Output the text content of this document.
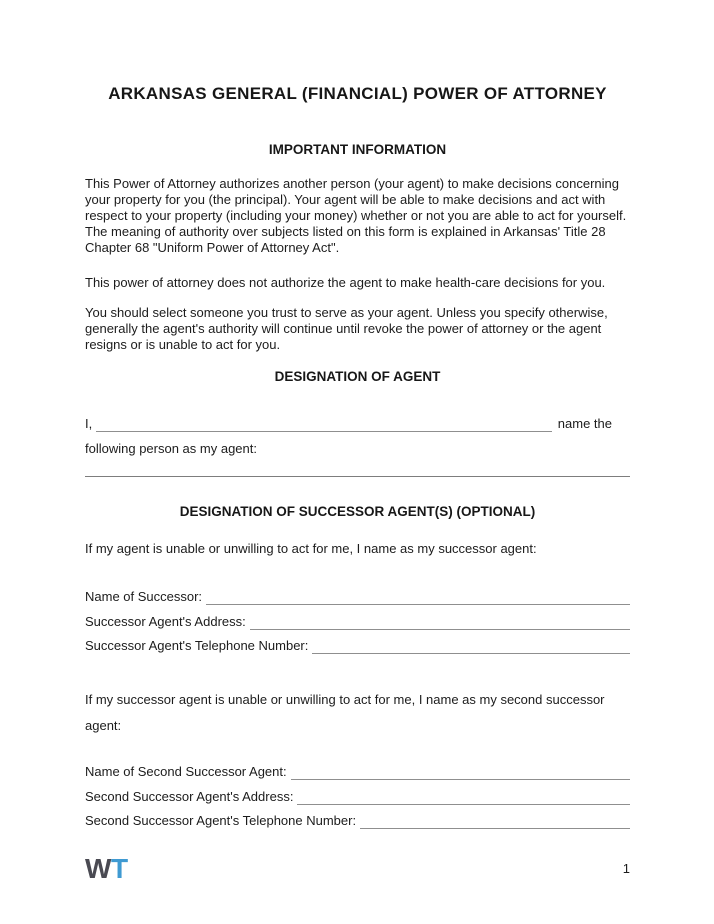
ARKANSAS GENERAL (FINANCIAL) POWER OF ATTORNEY
IMPORTANT INFORMATION

This Power of Attorney authorizes another person (your agent) to make decisions concerning your property for you (the principal). Your agent will be able to make decisions and act with respect to your property (including your money) whether or not you are able to act for yourself. The meaning of authority over subjects listed on this form is explained in Arkansas' Title 28 Chapter 68 "Uniform Power of Attorney Act".

This power of attorney does not authorize the agent to make health-care decisions for you.

You should select someone you trust to serve as your agent. Unless you specify otherwise, generally the agent's authority will continue until revoke the power of attorney or the agent resigns or is unable to act for you.

DESIGNATION OF AGENT
I,	name the

following person as my agent:

DESIGNATION OF SUCCESSOR AGENT(S) (OPTIONAL)

If my agent is unable or unwilling to act for me, I name as my successor agent:

Name of Successor:
Successor Agent's Address:
Successor Agent's Telephone Number:

If my successor agent is unable or unwilling to act for me, I name as my second successor agent:

Name of Second Successor Agent:
Second Successor Agent's Address:
Second Successor Agent's Telephone Number:
WT	1
